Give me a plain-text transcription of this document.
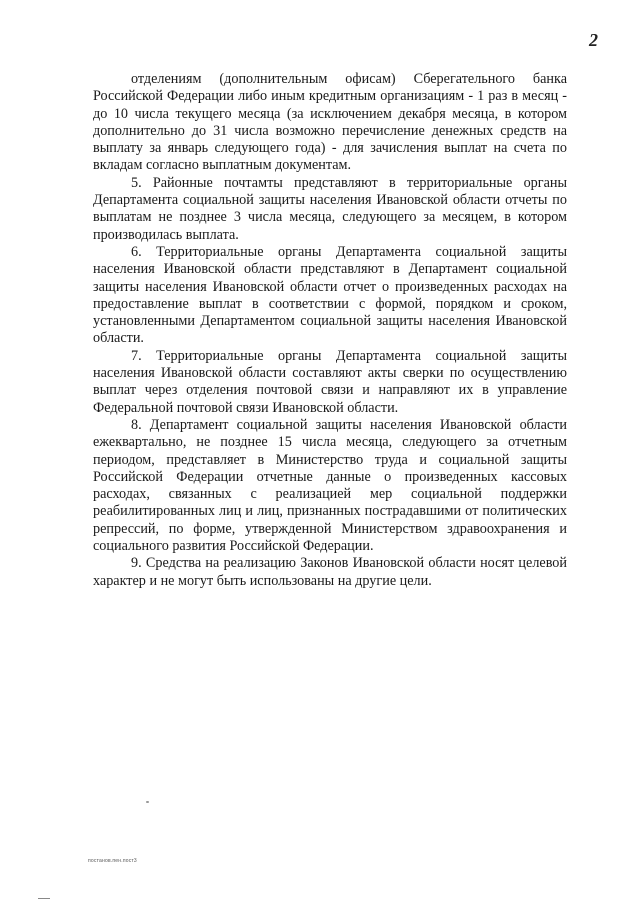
2

отделениям (дополнительным офисам) Сберегательного банка Российской Федерации либо иным кредитным организациям - 1 раз в месяц - до 10 числа текущего месяца (за исключением декабря месяца, в котором дополнительно до 31 числа возможно перечисление денежных средств на выплату за январь следующего года) - для зачисления выплат на счета по вкладам согласно выплатным документам.

5. Районные почтамты представляют в территориальные органы Департамента социальной защиты населения Ивановской области отчеты по выплатам не позднее 3 числа месяца, следующего за месяцем, в котором производилась выплата.

6. Территориальные органы Департамента социальной защиты населения Ивановской области представляют в Департамент социальной защиты населения Ивановской области отчет о произведенных расходах на предоставление выплат в соответствии с формой, порядком и сроком, установленными Департаментом социальной защиты населения Ивановской области.

7. Территориальные органы Департамента социальной защиты населения Ивановской области составляют акты сверки по осуществлению выплат через отделения почтовой связи и направляют их в управление Федеральной почтовой связи Ивановской области.

8. Департамент социальной защиты населения Ивановской области ежеквартально, не позднее 15 числа месяца, следующего за отчетным периодом, представляет в Министерство труда и социальной защиты Российской Федерации отчетные данные о произведенных кассовых расходах, связанных с реализацией мер социальной поддержки реабилитированных лиц и лиц, признанных пострадавшими от политических репрессий, по форме, утвержденной Министерством здравоохранения и социального развития Российской Федерации.

9. Средства на реализацию Законов Ивановской области носят целевой характер и не могут быть использованы на другие цели.

постанов.пен.пост3
